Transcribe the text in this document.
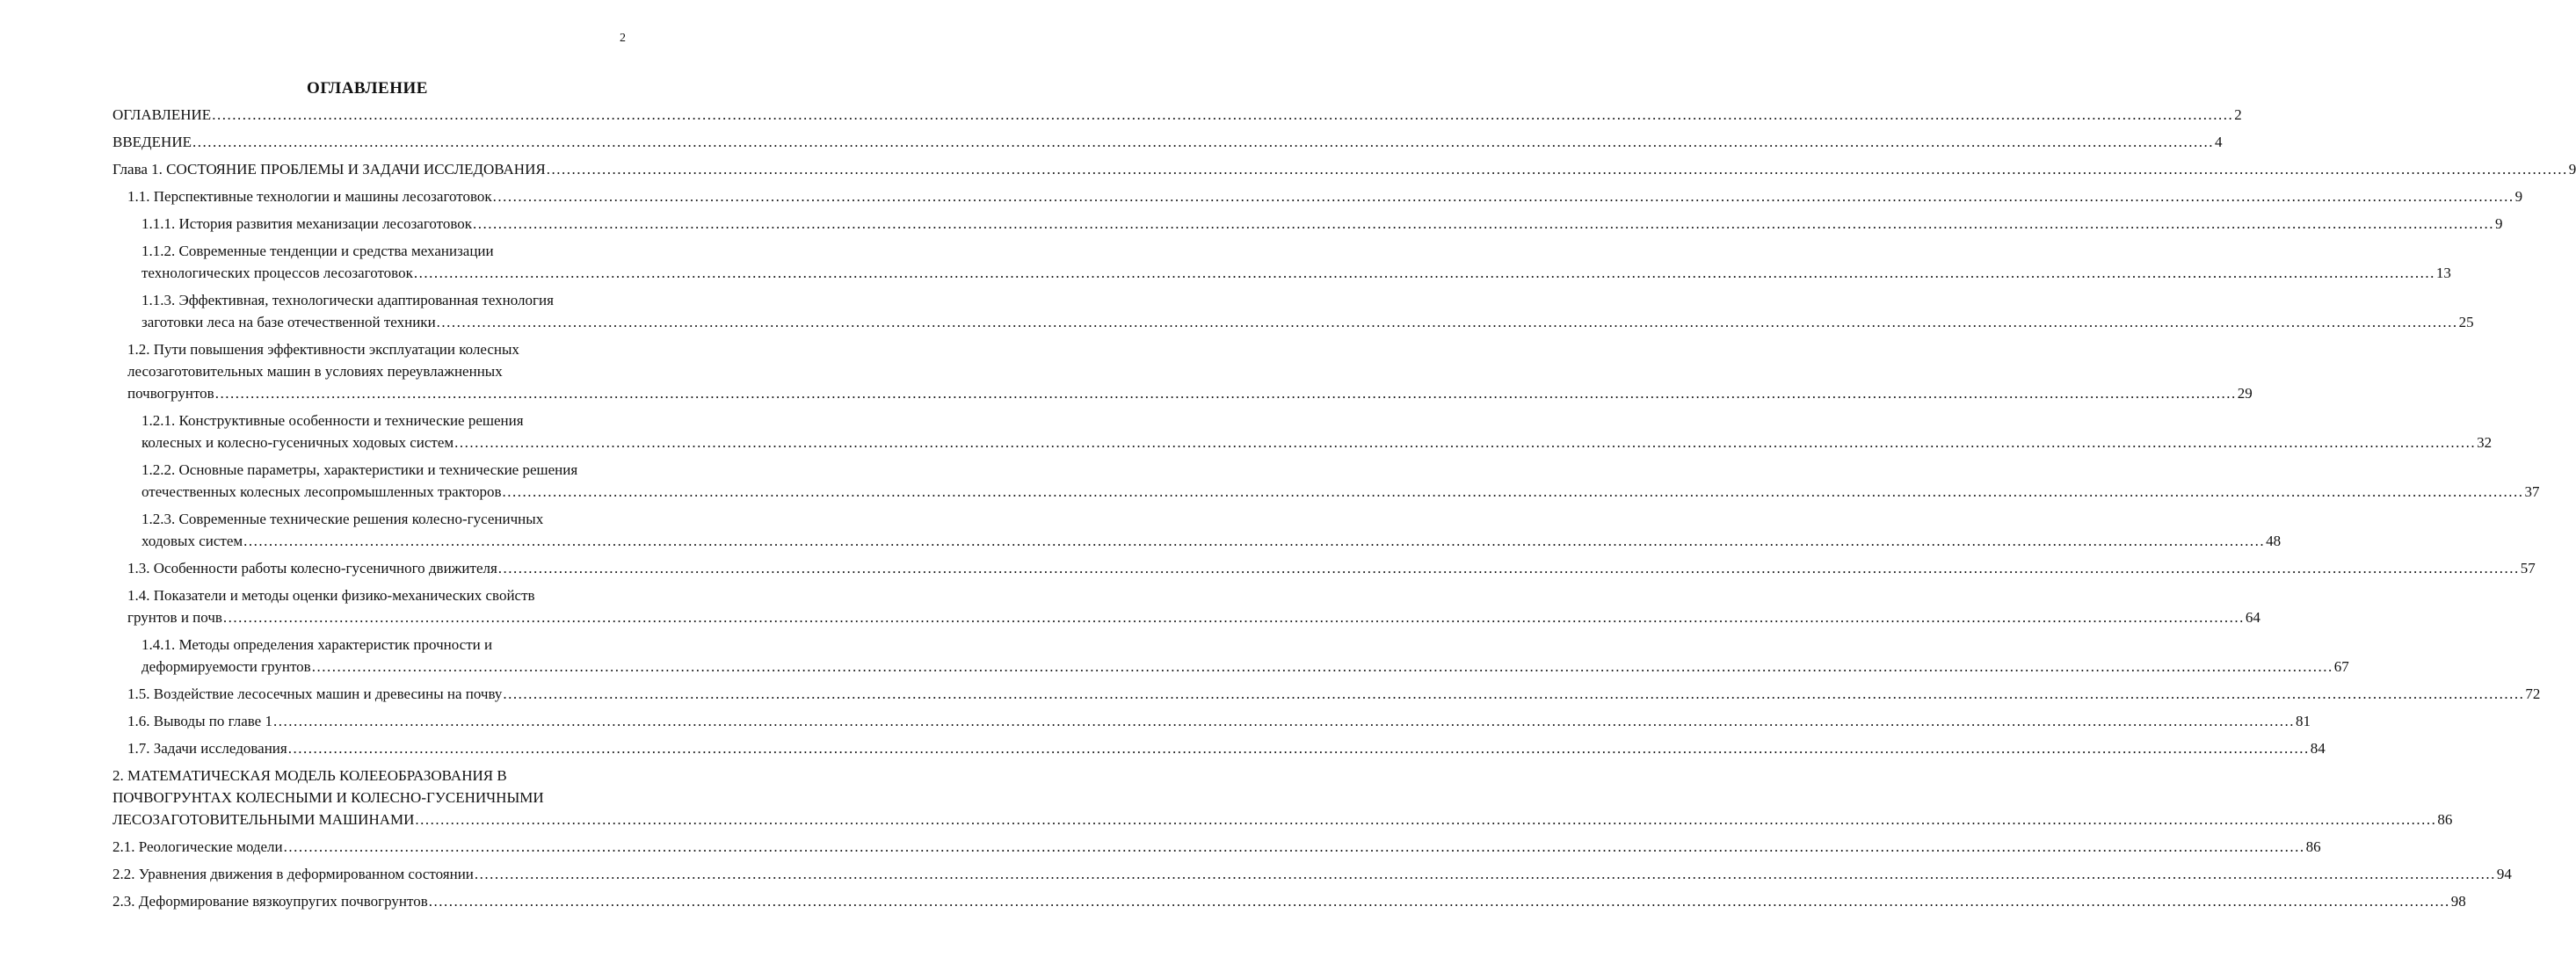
2
ОГЛАВЛЕНИЕ
ОГЛАВЛЕНИЕ ................................................................................................................................................................................................................................................................................................................................................................................................................ 2
ВВЕДЕНИЕ ................................................................................................................................................................................................................................................................................................................................................................................................................ 4
Глава 1. СОСТОЯНИЕ ПРОБЛЕМЫ И ЗАДАЧИ ИССЛЕДОВАНИЯ ................................................................................................................................................................................................................................................................................................................................................................................................................ 9
1.1. Перспективные технологии и машины лесозаготовок ................................................................................................................................................................................................................................................................................................................................................................................................................ 9
1.1.1. История развития механизации лесозаготовок ................................................................................................................................................................................................................................................................................................................................................................................................................ 9
1.1.2. Современные тенденции и средства механизации
технологических процессов лесозаготовок ................................................................................................................................................................................................................................................................................................................................................................................................................ 13
1.1.3. Эффективная, технологически адаптированная технология
заготовки леса на базе отечественной техники ................................................................................................................................................................................................................................................................................................................................................................................................................ 25
1.2. Пути повышения эффективности эксплуатации колесных
лесозаготовительных машин в условиях переувлажненных
почвогрунтов ................................................................................................................................................................................................................................................................................................................................................................................................................ 29
1.2.1. Конструктивные особенности и технические решения
колесных и колесно-гусеничных ходовых систем ................................................................................................................................................................................................................................................................................................................................................................................................................ 32
1.2.2. Основные параметры, характеристики и технические решения
отечественных колесных лесопромышленных тракторов ................................................................................................................................................................................................................................................................................................................................................................................................................ 37
1.2.3. Современные технические решения колесно-гусеничных
ходовых систем ................................................................................................................................................................................................................................................................................................................................................................................................................ 48
1.3. Особенности работы колесно-гусеничного движителя ................................................................................................................................................................................................................................................................................................................................................................................................................ 57
1.4. Показатели и методы оценки физико-механических свойств
грунтов и почв ................................................................................................................................................................................................................................................................................................................................................................................................................ 64
1.4.1. Методы определения характеристик прочности и
деформируемости грунтов ................................................................................................................................................................................................................................................................................................................................................................................................................ 67
1.5. Воздействие лесосечных машин и древесины на почву ................................................................................................................................................................................................................................................................................................................................................................................................................ 72
1.6. Выводы по главе 1 ................................................................................................................................................................................................................................................................................................................................................................................................................ 81
1.7. Задачи исследования ................................................................................................................................................................................................................................................................................................................................................................................................................ 84
2. МАТЕМАТИЧЕСКАЯ МОДЕЛЬ КОЛЕЕОБРАЗОВАНИЯ В
ПОЧВОГРУНТАХ КОЛЕСНЫМИ И КОЛЕСНО-ГУСЕНИЧНЫМИ
ЛЕСОЗАГОТОВИТЕЛЬНЫМИ МАШИНАМИ ................................................................................................................................................................................................................................................................................................................................................................................................................ 86
2.1. Реологические модели ................................................................................................................................................................................................................................................................................................................................................................................................................ 86
2.2. Уравнения движения в деформированном состоянии ................................................................................................................................................................................................................................................................................................................................................................................................................ 94
2.3. Деформирование вязкоупругих почвогрунтов ................................................................................................................................................................................................................................................................................................................................................................................................................ 98
